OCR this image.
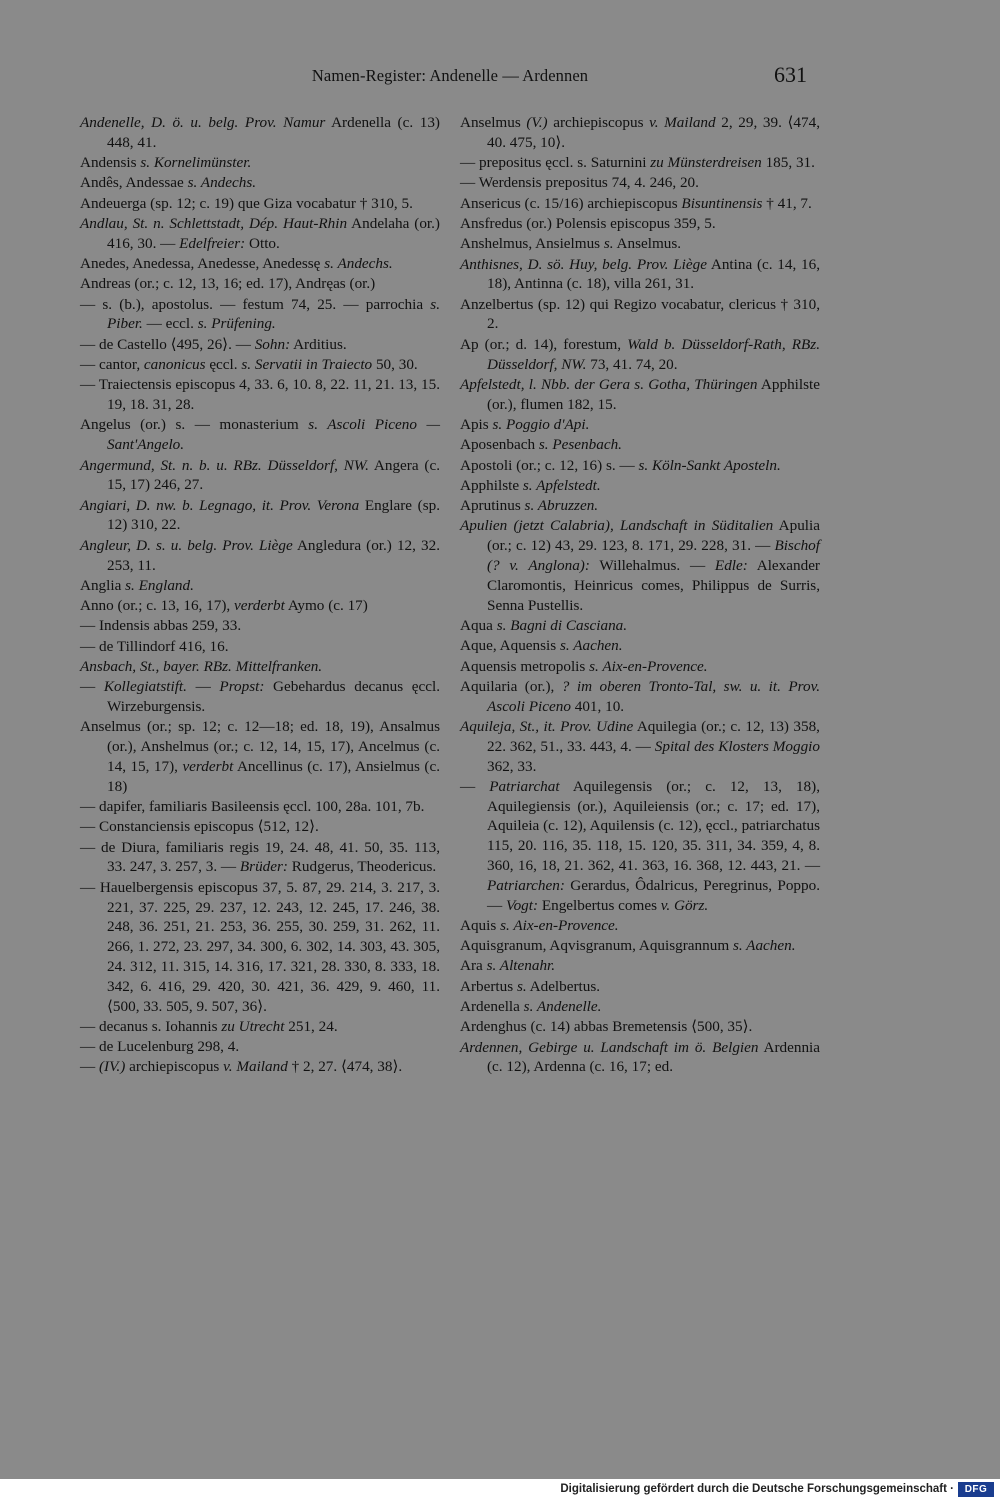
Namen-Register: Andenelle — Ardennen	631
Andenelle, D. ö. u. belg. Prov. Namur Ardenella (c. 13) 448, 41.
Andensis s. Kornelimünster.
Andês, Andessae s. Andechs.
Andeuerga (sp. 12; c. 19) que Giza vocabatur † 310, 5.
Andlau, St. n. Schlettstadt, Dép. Haut-Rhin Andelaha (or.) 416, 30. — Edelfreier: Otto.
Anedes, Anedessa, Anedesse, Anedessę s. Andechs.
Andreas (or.; c. 12, 13, 16; ed. 17), Andręas (or.)
— s. (b.), apostolus. — festum 74, 25. — parrochia s. Piber. — eccl. s. Prüfening.
— de Castello ⟨495, 26⟩. — Sohn: Arditius.
— cantor, canonicus ęccl. s. Servatii in Traiecto 50, 30.
— Traiectensis episcopus 4, 33. 6, 10. 8, 22. 11, 21. 13, 15. 19, 18. 31, 28.
Angelus (or.) s. — monasterium s. Ascoli Piceno — Sant'Angelo.
Angermund, St. n. b. u. RBz. Düsseldorf, NW. Angera (c. 15, 17) 246, 27.
Angiari, D. nw. b. Legnago, it. Prov. Verona Englare (sp. 12) 310, 22.
Angleur, D. s. u. belg. Prov. Liège Angledura (or.) 12, 32. 253, 11.
Anglia s. England.
Anno (or.; c. 13, 16, 17), verderbt Aymo (c. 17)
— Indensis abbas 259, 33.
— de Tillindorf 416, 16.
Ansbach, St., bayer. RBz. Mittelfranken.
— Kollegiatstift. — Propst: Gebehardus decanus ęccl. Wirzeburgensis.
Anselmus (or.; sp. 12; c. 12—18; ed. 18, 19), Ansalmus (or.), Anshelmus (or.; c. 12, 14, 15, 17), Ancelmus (c. 14, 15, 17), verderbt Ancellinus (c. 17), Ansielmus (c. 18)
— dapifer, familiaris Basileensis ęccl. 100, 28a. 101, 7b.
— Constanciensis episcopus ⟨512, 12⟩.
— de Diura, familiaris regis 19, 24. 48, 41. 50, 35. 113, 33. 247, 3. 257, 3. — Brüder: Rudgerus, Theodericus.
— Hauelbergensis episcopus 37, 5. 87, 29. 214, 3. 217, 3. 221, 37. 225, 29. 237, 12. 243, 12. 245, 17. 246, 38. 248, 36. 251, 21. 253, 36. 255, 30. 259, 31. 262, 11. 266, 1. 272, 23. 297, 34. 300, 6. 302, 14. 303, 43. 305, 24. 312, 11. 315, 14. 316, 17. 321, 28. 330, 8. 333, 18. 342, 6. 416, 29. 420, 30. 421, 36. 429, 9. 460, 11. ⟨500, 33. 505, 9. 507, 36⟩.
— decanus s. Iohannis zu Utrecht 251, 24.
— de Lucelenburg 298, 4.
— (IV.) archiepiscopus v. Mailand † 2, 27. ⟨474, 38⟩.
Anselmus (V.) archiepiscopus v. Mailand 2, 29, 39. ⟨474, 40. 475, 10⟩.
— prepositus ęccl. s. Saturnini zu Münsterdreisen 185, 31.
— Werdensis prepositus 74, 4. 246, 20.
Ansericus (c. 15/16) archiepiscopus Bisuntinensis † 41, 7.
Ansfredus (or.) Polensis episcopus 359, 5.
Anshelmus, Ansielmus s. Anselmus.
Anthisnes, D. sö. Huy, belg. Prov. Liège Antina (c. 14, 16, 18), Antinna (c. 18), villa 261, 31.
Anzelbertus (sp. 12) qui Regizo vocabatur, clericus † 310, 2.
Ap (or.; d. 14), forestum, Wald b. Düsseldorf-Rath, RBz. Düsseldorf, NW. 73, 41. 74, 20.
Apfelstedt, l. Nbb. der Gera s. Gotha, Thüringen Apphilste (or.), flumen 182, 15.
Apis s. Poggio d'Api.
Aposenbach s. Pesenbach.
Apostoli (or.; c. 12, 16) s. — s. Köln-Sankt Aposteln.
Apphilste s. Apfelstedt.
Aprutinus s. Abruzzen.
Apulien (jetzt Calabria), Landschaft in Süditalien Apulia (or.; c. 12) 43, 29. 123, 8. 171, 29. 228, 31. — Bischof (? v. Anglona): Willehalmus. — Edle: Alexander Claromontis, Heinricus comes, Philippus de Surris, Senna Pustellis.
Aqua s. Bagni di Casciana.
Aque, Aquensis s. Aachen.
Aquensis metropolis s. Aix-en-Provence.
Aquilaria (or.), ? im oberen Tronto-Tal, sw. u. it. Prov. Ascoli Piceno 401, 10.
Aquileja, St., it. Prov. Udine Aquilegia (or.; c. 12, 13) 358, 22. 362, 51., 33. 443, 4. — Spital des Klosters Moggio 362, 33.
— Patriarchat Aquilegensis (or.; c. 12, 13, 18), Aquilegiensis (or.), Aquileiensis (or.; c. 17; ed. 17), Aquileia (c. 12), Aquilensis (c. 12), ęccl., patriarchatus 115, 20. 116, 35. 118, 15. 120, 35. 311, 34. 359, 4, 8. 360, 16, 18, 21. 362, 41. 363, 16. 368, 12. 443, 21. — Patriarchen: Gerardus, Ôdalricus, Peregrinus, Poppo. — Vogt: Engelbertus comes v. Görz.
Aquis s. Aix-en-Provence.
Aquisgranum, Aqvisgranum, Aquisgrannum s. Aachen.
Ara s. Altenahr.
Arbertus s. Adelbertus.
Ardenella s. Andenelle.
Ardenghus (c. 14) abbas Bremetensis ⟨500, 35⟩.
Ardennen, Gebirge u. Landschaft im ö. Belgien Ardennia (c. 12), Ardenna (c. 16, 17; ed.
Digitalisierung gefördert durch die Deutsche Forschungsgemeinschaft ·	DFG
